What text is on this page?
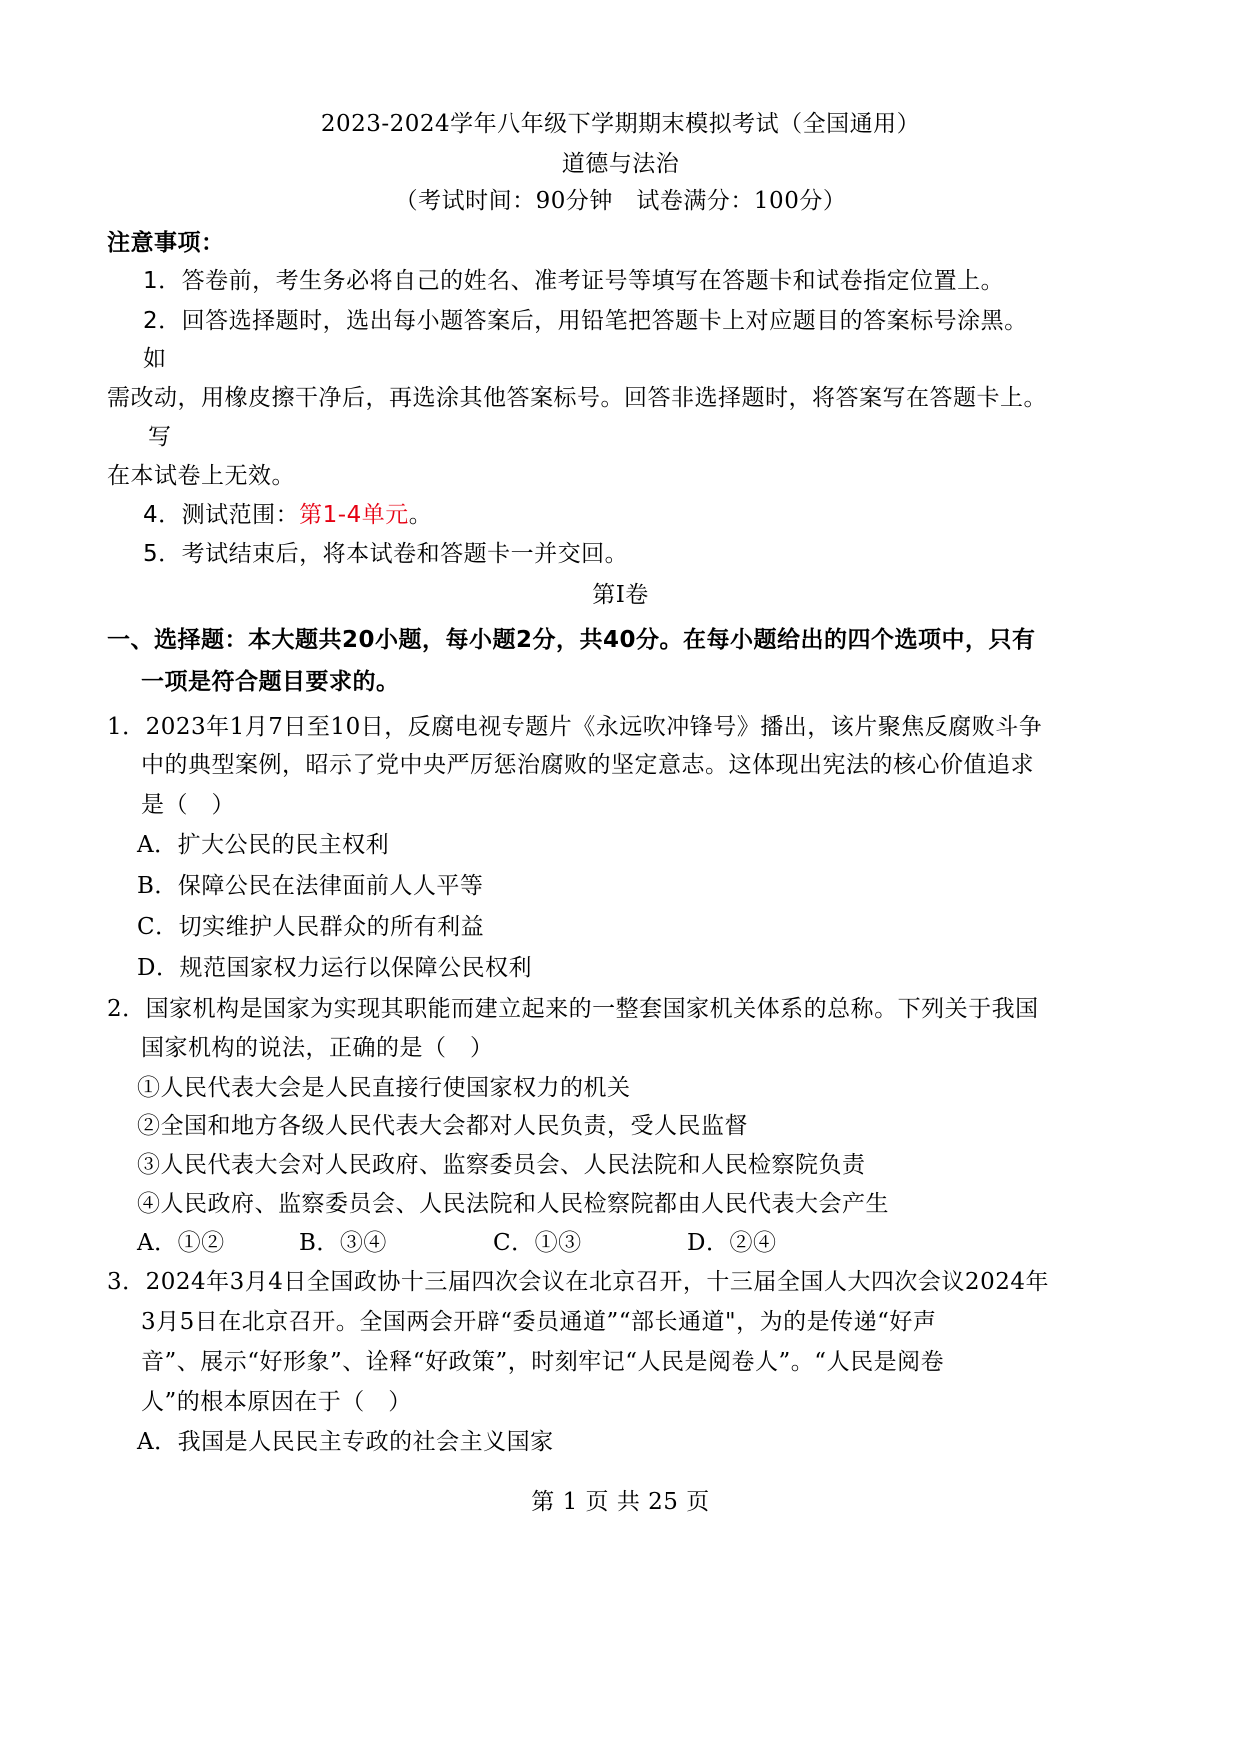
2023-2024学年八年级下学期期末模拟考试（全国通用）
道德与法治
（考试时间：90分钟　试卷满分：100分）
注意事项：
1．答卷前，考生务必将自己的姓名、准考证号等填写在答题卡和试卷指定位置上。
2．回答选择题时，选出每小题答案后，用铅笔把答题卡上对应题目的答案标号涂黑。
如
需改动，用橡皮擦干净后，再选涂其他答案标号。回答非选择题时，将答案写在答题卡上。
写
在本试卷上无效。
4．测试范围：第1-4单元。
5．考试结束后，将本试卷和答题卡一并交回。
第Ⅰ卷
一、选择题：本大题共20小题，每小题2分，共40分。在每小题给出的四个选项中，只有
一项是符合题目要求的。
1．2023年1月7日至10日，反腐电视专题片《永远吹冲锋号》播出，该片聚焦反腐败斗争
中的典型案例，昭示了党中央严厉惩治腐败的坚定意志。这体现出宪法的核心价值追求
是（　）
A．扩大公民的民主权利
B．保障公民在法律面前人人平等
C．切实维护人民群众的所有利益
D．规范国家权力运行以保障公民权利
2．国家机构是国家为实现其职能而建立起来的一整套国家机关体系的总称。下列关于我国
国家机构的说法，正确的是（　）
①人民代表大会是人民直接行使国家权力的机关
②全国和地方各级人民代表大会都对人民负责，受人民监督
③人民代表大会对人民政府、监察委员会、人民法院和人民检察院负责
④人民政府、监察委员会、人民法院和人民检察院都由人民代表大会产生
A．①②	B．③④	C．①③	D．②④
3．2024年3月4日全国政协十三届四次会议在北京召开，十三届全国人大四次会议2024年
3月5日在北京召开。全国两会开辟“委员通道”“部长通道"，为的是传递“好声
音”、展示“好形象”、诠释“好政策”，时刻牢记“人民是阅卷人”。“人民是阅卷
人”的根本原因在于（　）
A．我国是人民民主专政的社会主义国家
第 1 页 共 25 页
